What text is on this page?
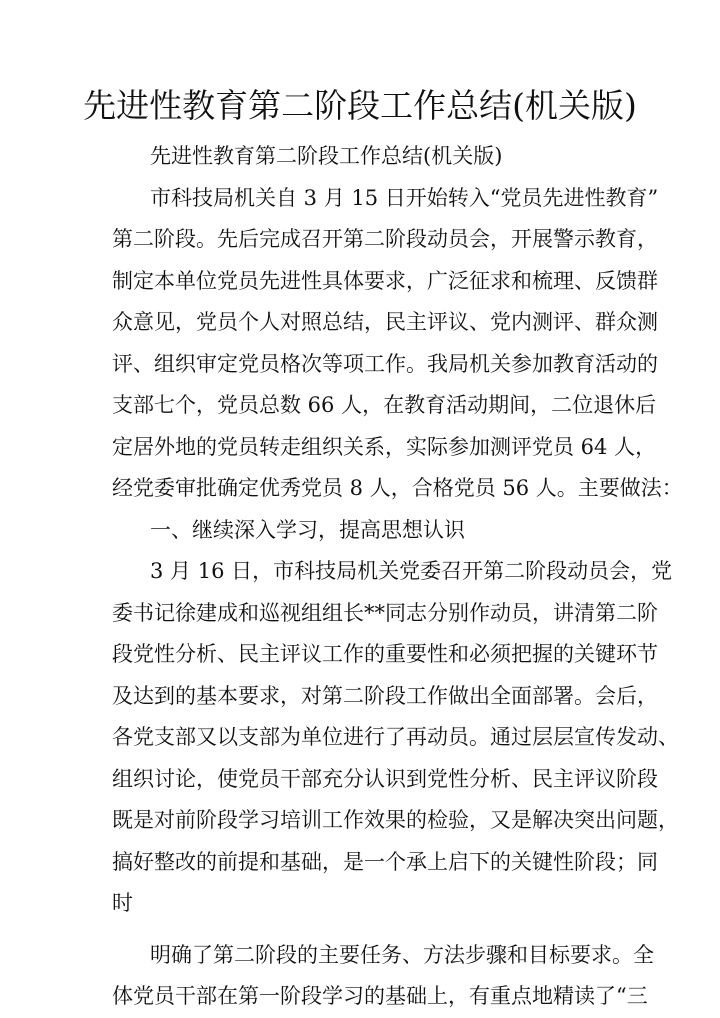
先进性教育第二阶段工作总结(机关版)
先进性教育第二阶段工作总结(机关版)
市科技局机关自 3 月 15 日开始转入“党员先进性教育”
第二阶段。先后完成召开第二阶段动员会，开展警示教育，
制定本单位党员先进性具体要求，广泛征求和梳理、反馈群
众意见，党员个人对照总结，民主评议、党内测评、群众测
评、组织审定党员格次等项工作。我局机关参加教育活动的
支部七个，党员总数 66 人，在教育活动期间，二位退休后
定居外地的党员转走组织关系，实际参加测评党员 64 人，
经党委审批确定优秀党员 8 人，合格党员 56 人。主要做法：
一、继续深入学习，提高思想认识
3 月 16 日，市科技局机关党委召开第二阶段动员会，党
委书记徐建成和巡视组组长**同志分别作动员，讲清第二阶
段党性分析、民主评议工作的重要性和必须把握的关键环节
及达到的基本要求，对第二阶段工作做出全面部署。会后，
各党支部又以支部为单位进行了再动员。通过层层宣传发动、
组织讨论，使党员干部充分认识到党性分析、民主评议阶段
既是对前阶段学习培训工作效果的检验，又是解决突出问题，
搞好整改的前提和基础，是一个承上启下的关键性阶段；同
时
明确了第二阶段的主要任务、方法步骤和目标要求。全
体党员干部在第一阶段学习的基础上，有重点地精读了“三
